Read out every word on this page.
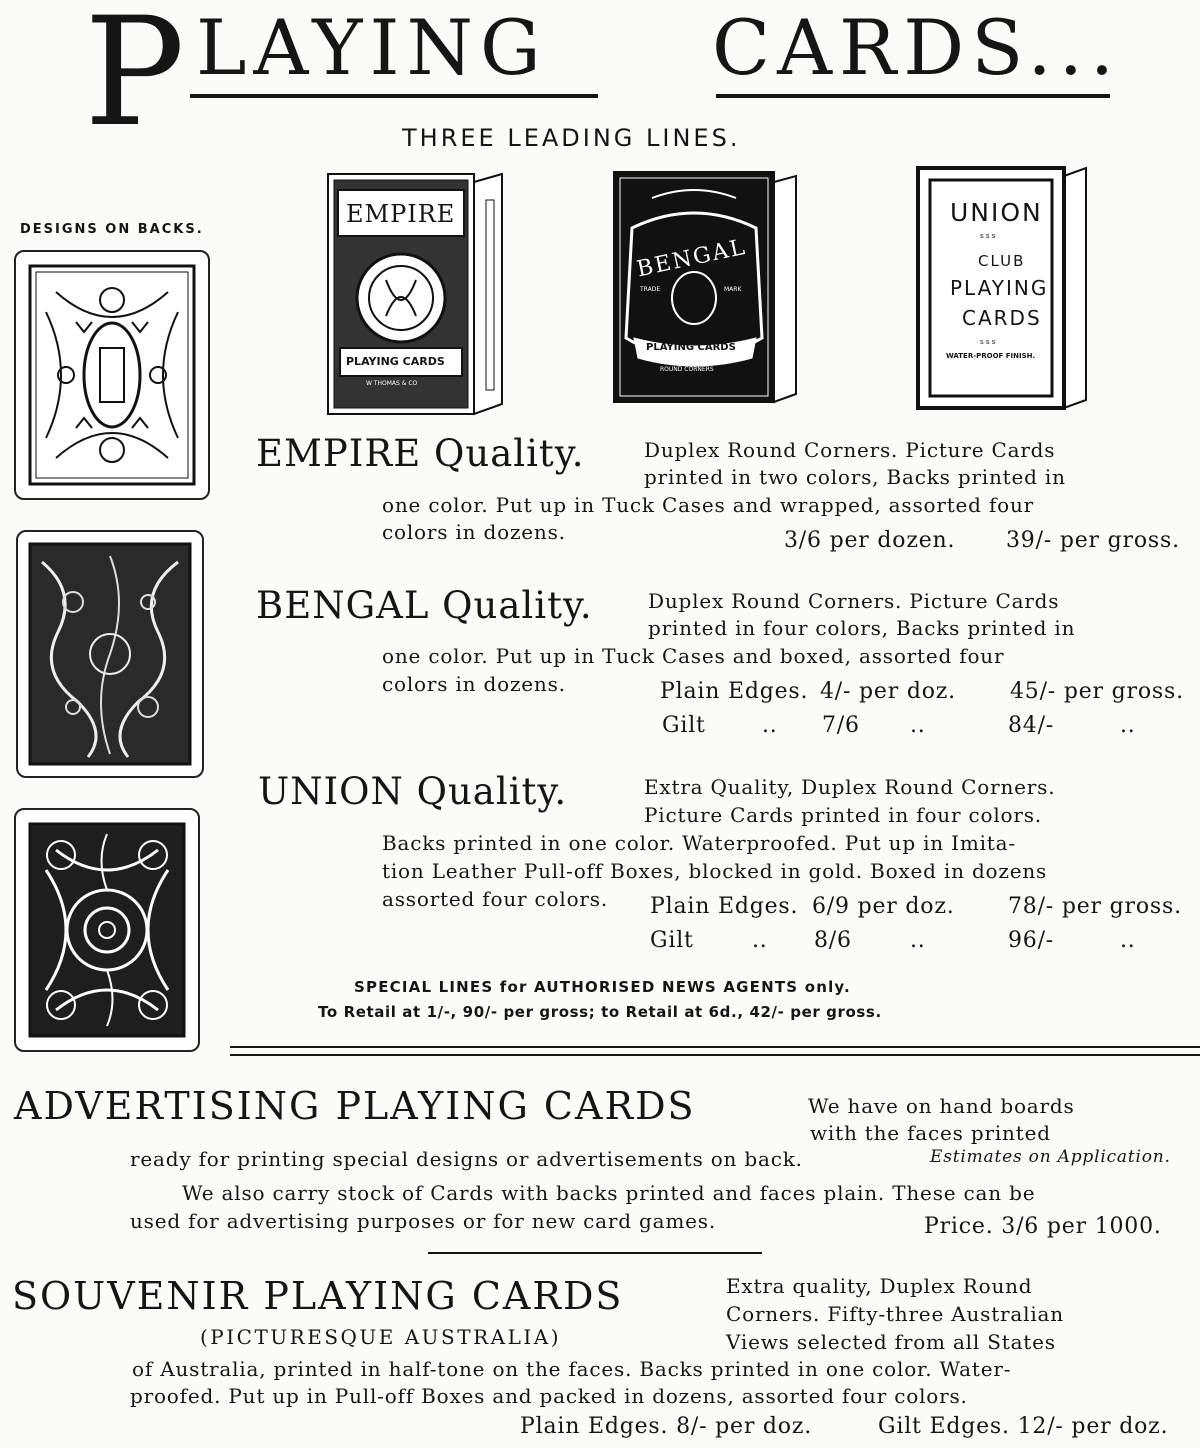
P LAYING CARDS...
THREE LEADING LINES.
DESIGNS ON BACKS.
EMPIRE
PLAYING CARDS
W THOMAS & CO
BENGAL
TRADE	MARK
PLAYING CARDS
ROUND CORNERS
UNION
s s s
CLUB
PLAYING
CARDS
s s s
WATER-PROOF FINISH.
EMPIRE Quality.	Duplex Round Corners. Picture Cards
printed in two colors, Backs printed in
one color. Put up in Tuck Cases and wrapped, assorted four
colors in dozens.	3/6 per dozen. 39/- per gross.
BENGAL Quality.	Duplex Round Corners. Picture Cards
printed in four colors, Backs printed in
one color. Put up in Tuck Cases and boxed, assorted four
colors in dozens.	Plain Edges. 4/- per doz. 45/- per gross.
Gilt	.. 7/6 ..	84/-	..
UNION Quality.	Extra Quality, Duplex Round Corners.
Picture Cards printed in four colors.
Backs printed in one color. Waterproofed. Put up in Imita-
tion Leather Pull-off Boxes, blocked in gold. Boxed in dozens
assorted four colors. Plain Edges. 6/9 per doz. 78/- per gross.
Gilt	.. 8/6	..	96/-	..
SPECIAL LINES for AUTHORISED NEWS AGENTS only.
To Retail at 1/-, 90/- per gross; to Retail at 6d., 42/- per gross.
ADVERTISING PLAYING CARDS	We have on hand boards
with the faces printed
ready for printing special designs or advertisements on back.	Estimates on Application.
We also carry stock of Cards with backs printed and faces plain. These can be
used for advertising purposes or for new card games.	Price. 3/6 per 1000.
SOUVENIR PLAYING CARDS
(PICTURESQUE AUSTRALIA)
Extra quality, Duplex Round
Corners. Fifty-three Australian
Views selected from all States
of Australia, printed in half-tone on the faces. Backs printed in one color. Water-
proofed. Put up in Pull-off Boxes and packed in dozens, assorted four colors.
Plain Edges. 8/- per doz.	Gilt Edges. 12/- per doz.
